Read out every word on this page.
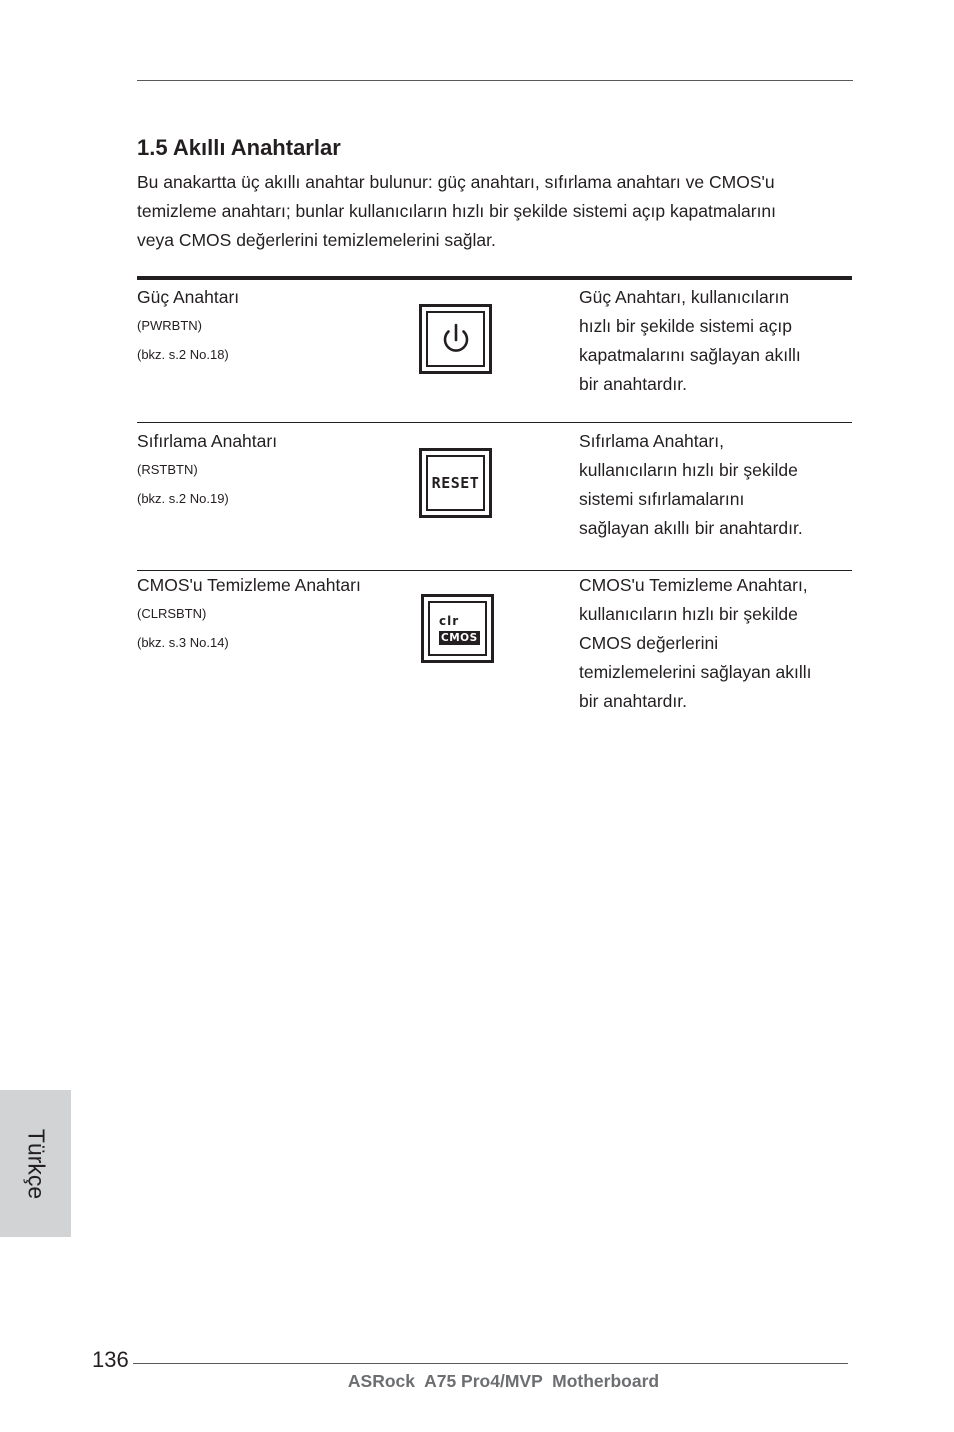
1.5 Akıllı Anahtarlar

Bu anakartta üç akıllı anahtar bulunur: güç anahtarı, sıfırlama anahtarı ve CMOS'u
temizleme anahtarı; bunlar kullanıcıların hızlı bir şekilde sistemi açıp kapatmalarını
veya CMOS değerlerini temizlemelerini sağlar.

Güç Anahtarı
(PWRBTN)
(bkz. s.2 No.18)
Güç Anahtarı, kullanıcıların
hızlı bir şekilde sistemi açıp
kapatmalarını sağlayan akıllı
bir anahtardır.
Sıfırlama Anahtarı
(RSTBTN)
(bkz. s.2 No.19)
RESET
Sıfırlama Anahtarı,
kullanıcıların hızlı bir şekilde
sistemi sıfırlamalarını
sağlayan akıllı bir anahtardır.
CMOS'u Temizleme Anahtarı
(CLRSBTN)
(bkz. s.3 No.14)
clr
CMOS
CMOS'u Temizleme Anahtarı,
kullanıcıların hızlı bir şekilde
CMOS değerlerini
temizlemelerini sağlayan akıllı
bir anahtardır.
Türkçe
136
ASRock  A75 Pro4/MVP  Motherboard
